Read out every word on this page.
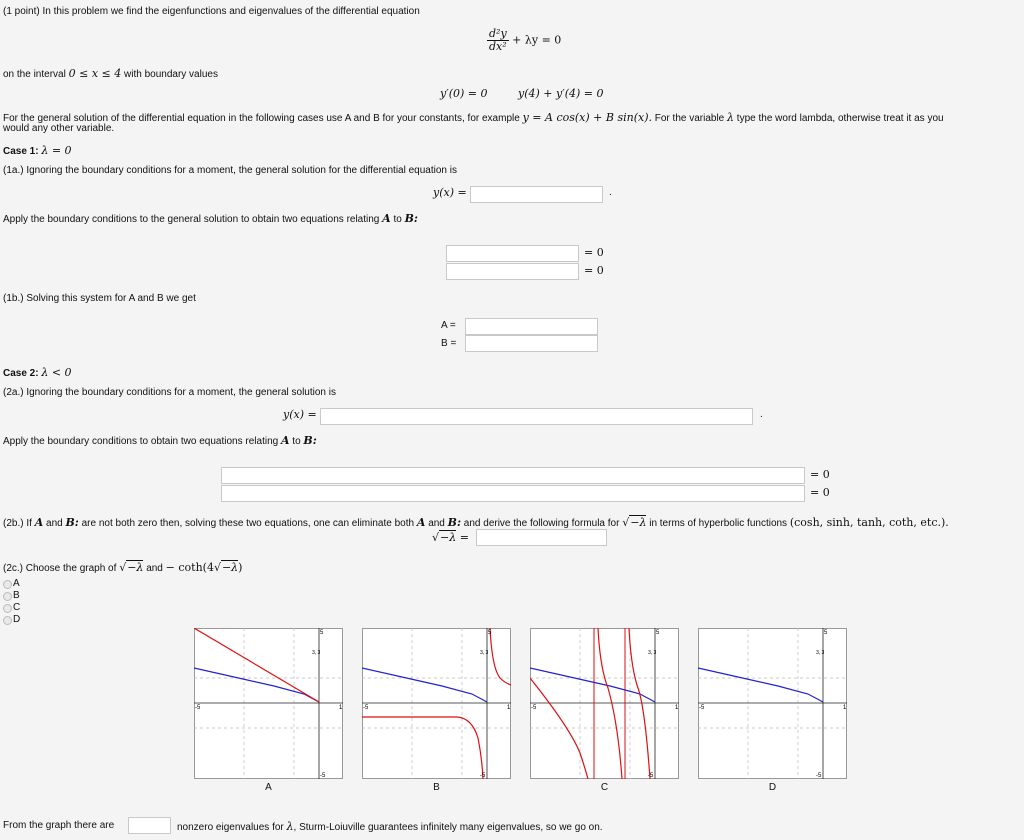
(1 point) In this problem we find the eigenfunctions and eigenvalues of the differential equation
$\frac{\text{d²y}}{\text{dx²}} + \lambda y = 0$
on the interval 0 ≤ x ≤ 4 with boundary values
y′(0) = 0	y(4) + y′(4) = 0
For the general solution of the differential equation in the following cases use A and B for your constants, for example y = A cos(x) + B sin(x). For the variable λ type the word lambda, otherwise treat it as you
would any other variable.
Case 1: λ = 0
(1a.) Ignoring the boundary conditions for a moment, the general solution for the differential equation is
y(x) =	.
Apply the boundary conditions to the general solution to obtain two equations relating A to B:
= 0
= 0
(1b.) Solving this system for A and B we get
A =
B =
Case 2: λ < 0
(2a.) Ignoring the boundary conditions for a moment, the general solution is
y(x) =	.
Apply the boundary conditions to obtain two equations relating A to B:
= 0
= 0
(2b.) If A and B: are not both zero then, solving these two equations, one can eliminate both A and B: and derive the following formula for √−λ in terms of hyperbolic functions (cosh, sinh, tanh, coth, etc.).
√−λ =
(2c.) Choose the graph of √−λ and − coth(4√−λ)
A
B
C
D
5
-5
-5	1
3, 3
A
5
-5
-5	1
3, 3
B
5
-5
-5	1
3, 3
C
5
-5
-5	1
3, 3
D
From the graph there are	nonzero eigenvalues for λ, Sturm-Loiuville guarantees infinitely many eigenvalues, so we go on.
